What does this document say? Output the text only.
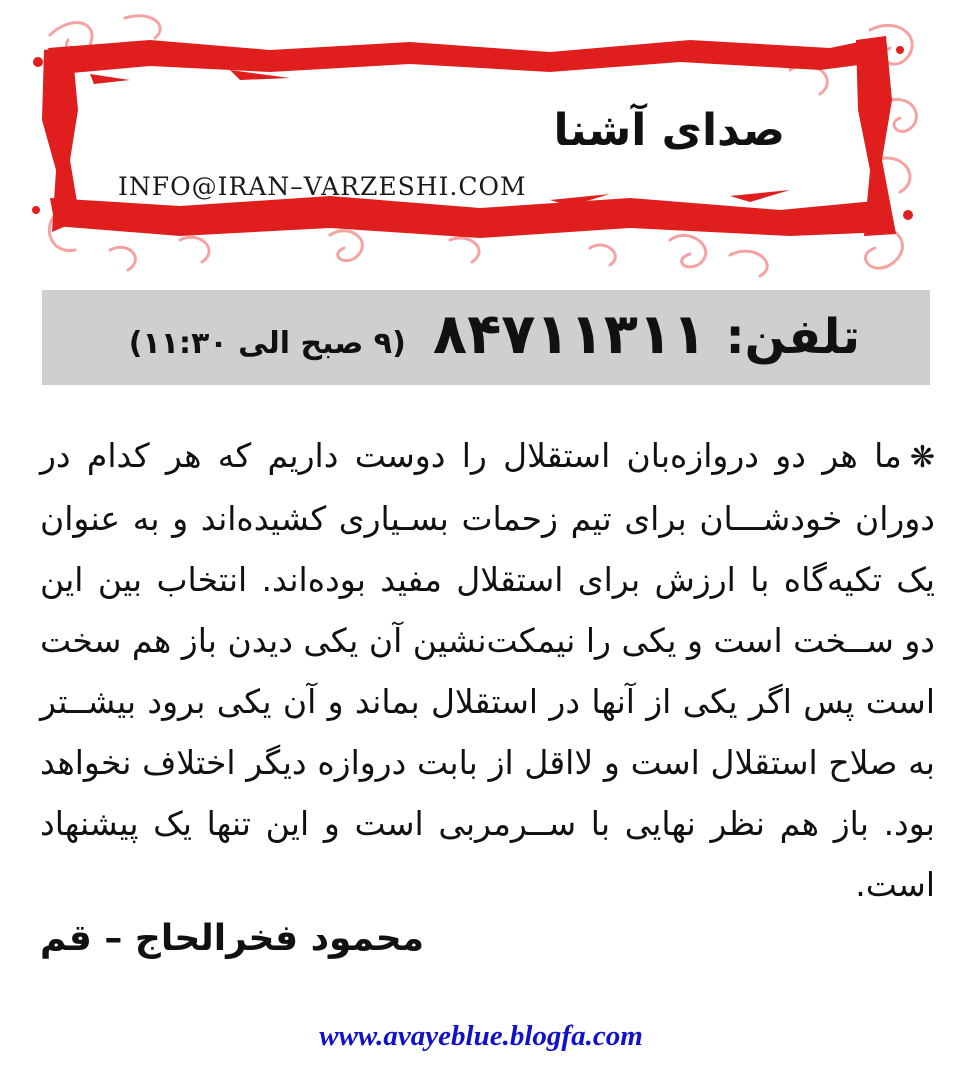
صدای آشنا
INFO@IRAN–VARZESHI.COM
تلفن: ۸۴۷۱۱۳۱۱ (۹ صبح الی ۱۱:۳۰)
❋ما هر دو دروازه‌بان استقلال را دوست داریم که هر کدام در دوران خودشـــان برای تیم زحمات بسـیاری کشیده‌اند و به عنوان یک تکیه‌گاه با ارزش برای استقلال مفید بوده‌اند. انتخاب بین این دو ســخت است و یکی را نیمکت‌نشین آن یکی دیدن باز هم سخت است پس اگر یکی از آنها در استقلال بماند و آن یکی برود بیشــتر به صلاح استقلال است و لااقل از بابت دروازه دیگر اختلاف نخواهد بود. باز هم نظر نهایی با ســرمربی است و این تنها یک پیشنهاد است.
محمود فخرالحاج – قم
www.avayeblue.blogfa.com
